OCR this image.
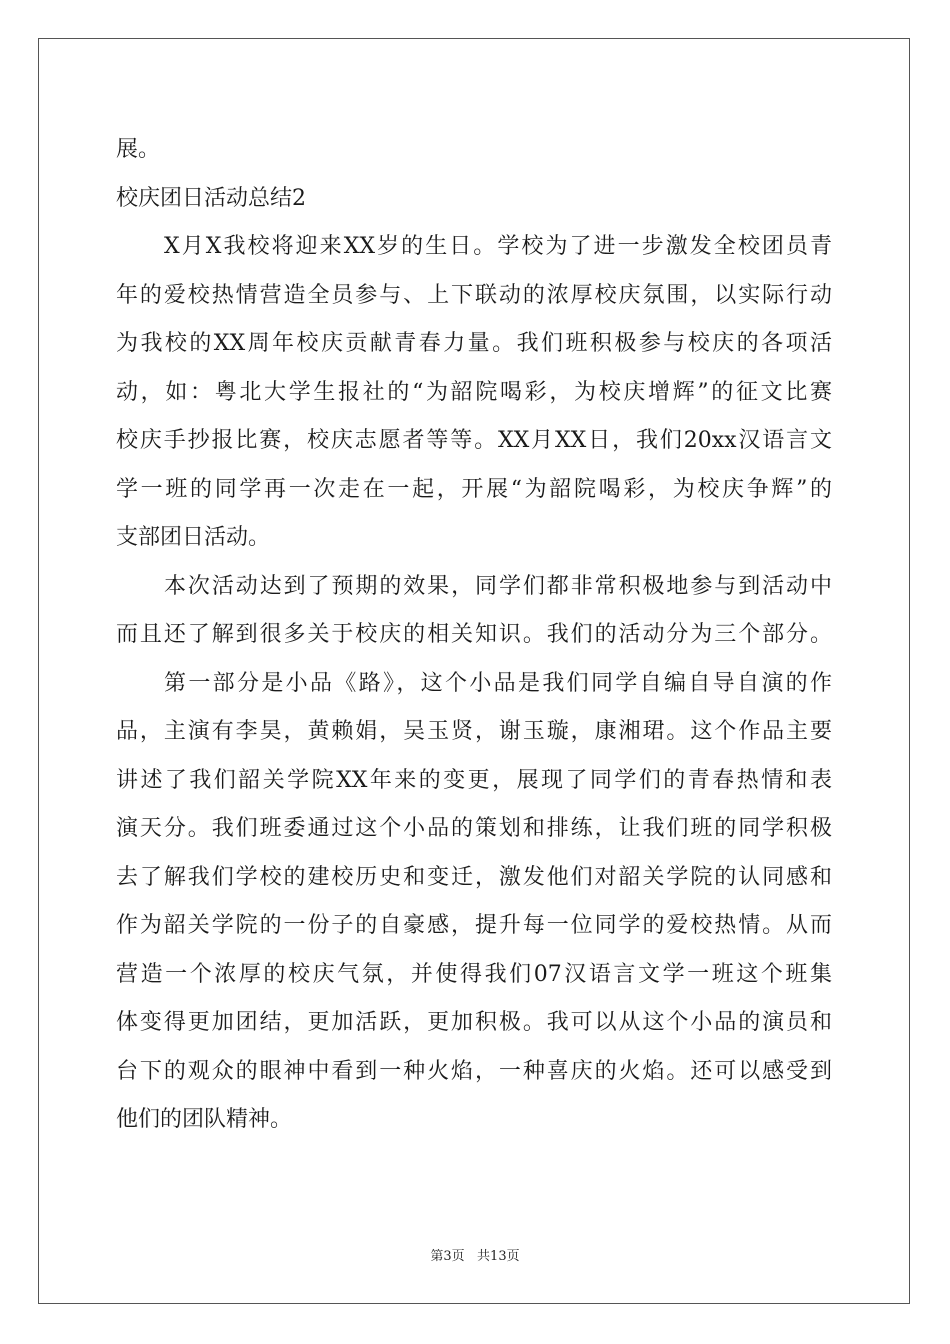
展。
校庆团日活动总结2
X月X我校将迎来XX岁的生日。学校为了进一步激发全校团员青
年的爱校热情营造全员参与、上下联动的浓厚校庆氛围，以实际行动
为我校的XX周年校庆贡献青春力量。我们班积极参与校庆的各项活
动，如：粤北大学生报社的“为韶院喝彩，为校庆增辉”的征文比赛
校庆手抄报比赛，校庆志愿者等等。XX月XX日，我们20xx汉语言文
学一班的同学再一次走在一起，开展“为韶院喝彩，为校庆争辉”的
支部团日活动。
本次活动达到了预期的效果，同学们都非常积极地参与到活动中
而且还了解到很多关于校庆的相关知识。我们的活动分为三个部分。
第一部分是小品《路》，这个小品是我们同学自编自导自演的作
品，主演有李昊，黄赖娟，吴玉贤，谢玉璇，康湘珺。这个作品主要
讲述了我们韶关学院XX年来的变更，展现了同学们的青春热情和表
演天分。我们班委通过这个小品的策划和排练，让我们班的同学积极
去了解我们学校的建校历史和变迁，激发他们对韶关学院的认同感和
作为韶关学院的一份子的自豪感，提升每一位同学的爱校热情。从而
营造一个浓厚的校庆气氛，并使得我们07汉语言文学一班这个班集
体变得更加团结，更加活跃，更加积极。我可以从这个小品的演员和
台下的观众的眼神中看到一种火焰，一种喜庆的火焰。还可以感受到
他们的团队精神。
第3页   共13页
